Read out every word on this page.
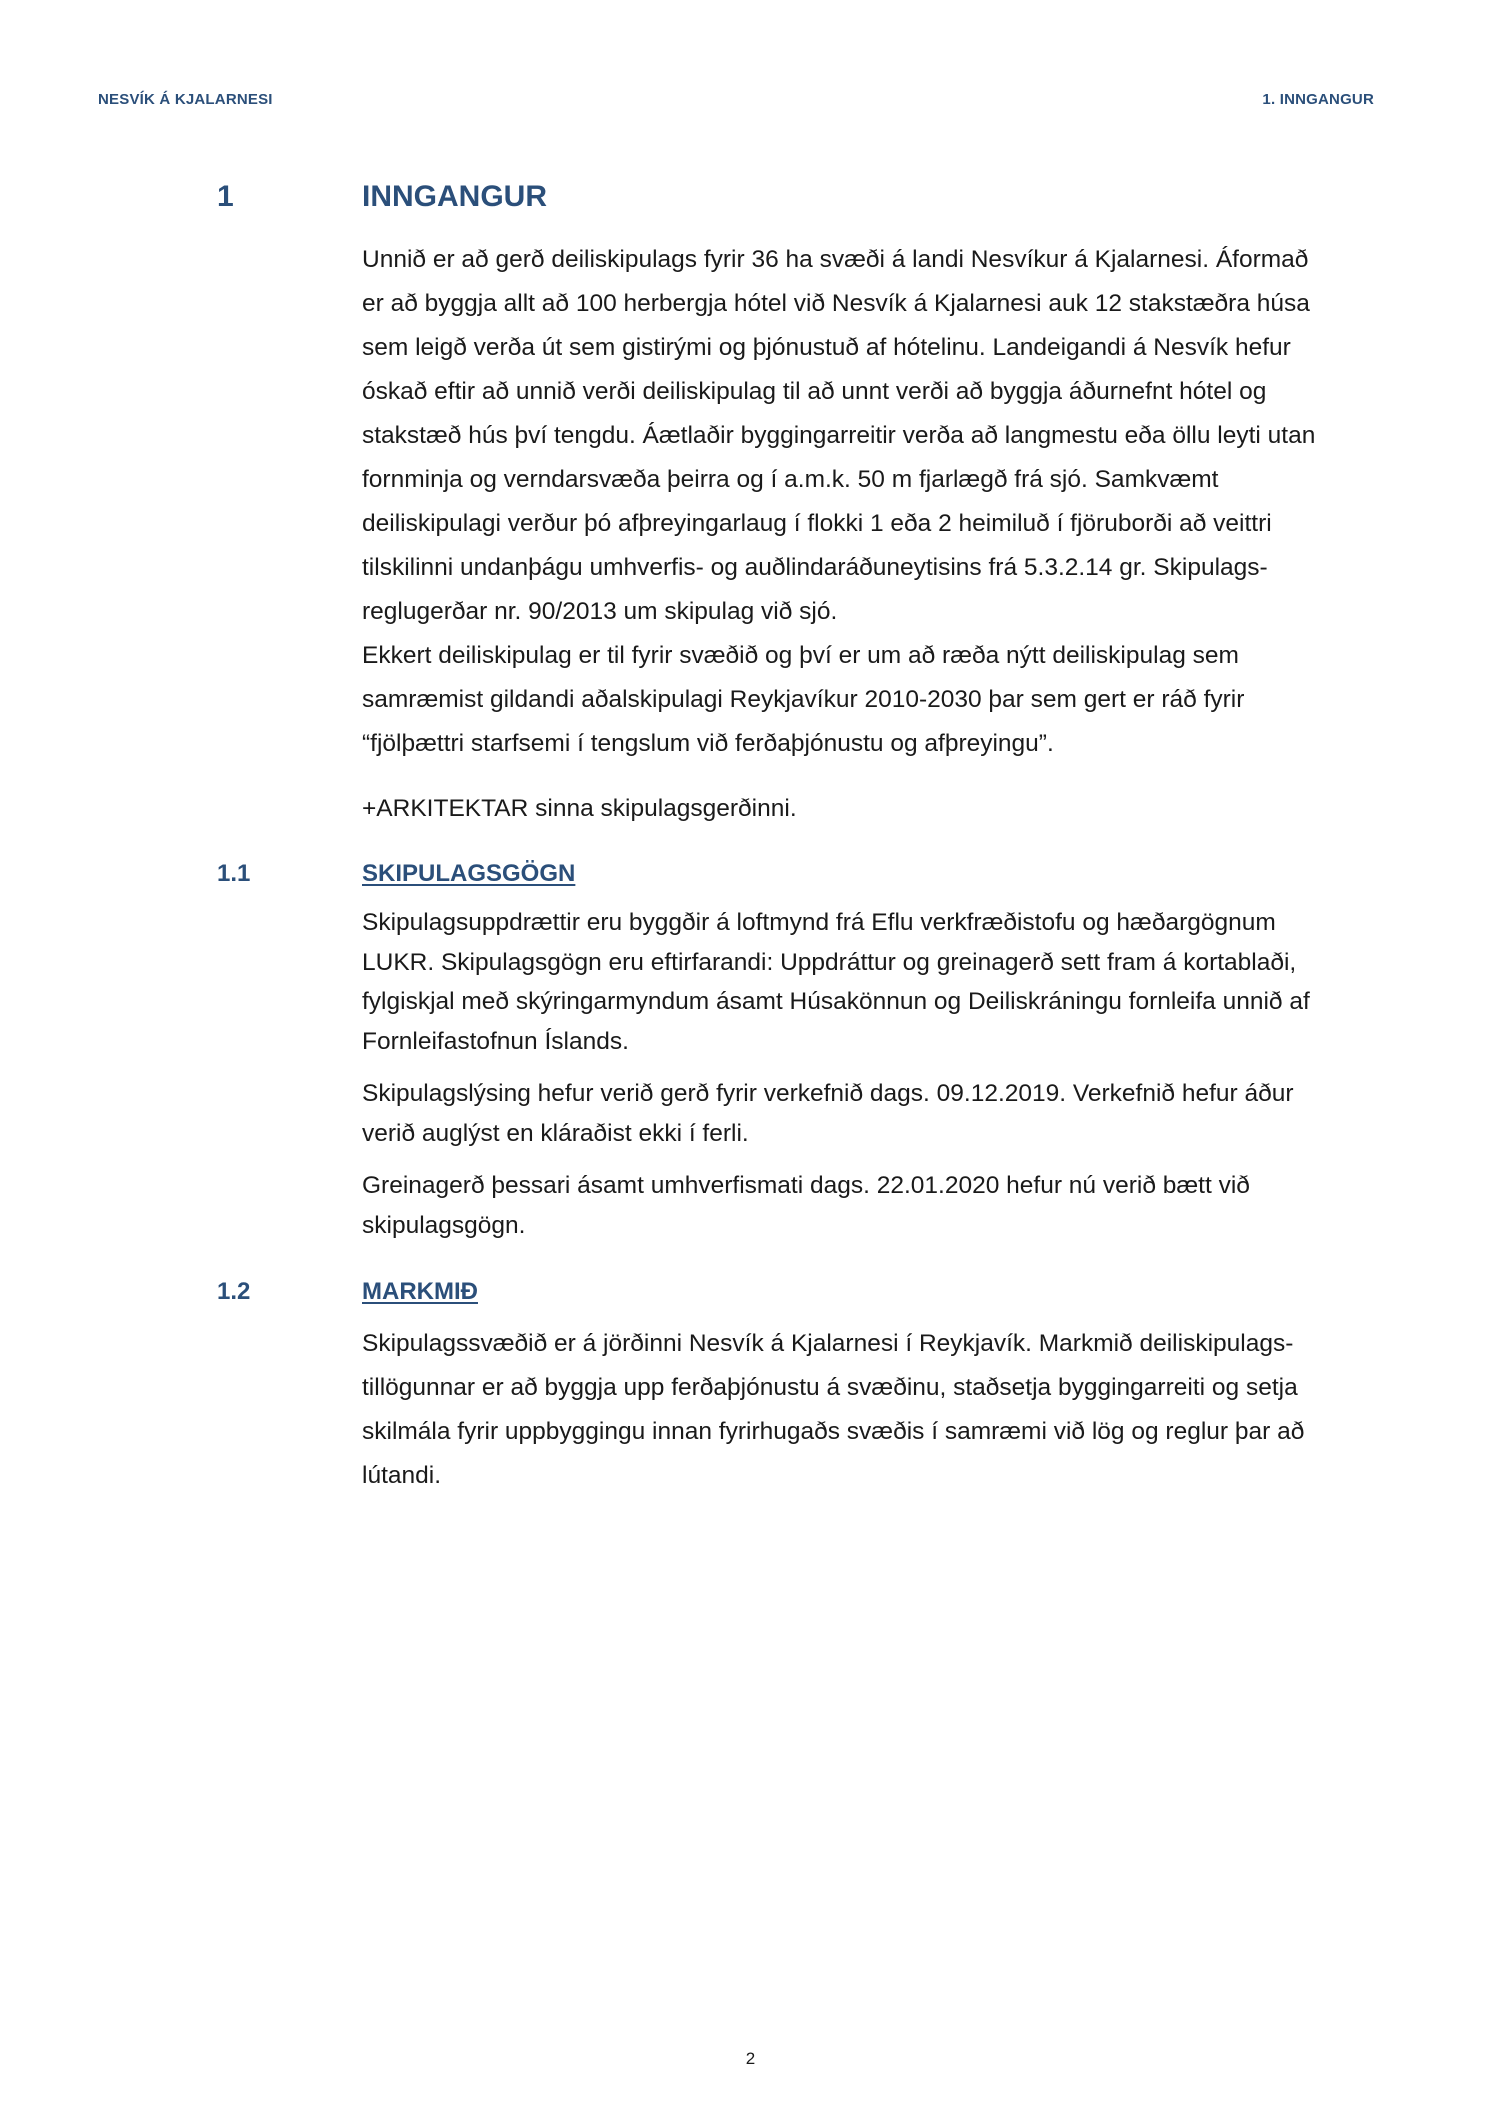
NESVÍK Á KJALARNESI	1. INNGANGUR
1	INNGANGUR

Unnið er að gerð deiliskipulags fyrir 36 ha svæði á landi Nesvíkur á Kjalarnesi. Áformað

er að byggja allt að 100 herbergja hótel við Nesvík á Kjalarnesi auk 12 stakstæðra húsa

sem leigð verða út sem gistirými og þjónustuð af hótelinu. Landeigandi á Nesvík hefur

óskað eftir að unnið verði deiliskipulag til að unnt verði að byggja áðurnefnt hótel og

stakstæð hús því tengdu. Áætlaðir byggingarreitir verða að langmestu eða öllu leyti utan

fornminja og verndarsvæða þeirra og í a.m.k. 50 m fjarlægð frá sjó. Samkvæmt

deiliskipulagi verður þó afþreyingarlaug í flokki 1 eða 2 heimiluð í fjöruborði að veittri

tilskilinni undanþágu umhverfis- og auðlindaráðuneytisins frá 5.3.2.14 gr. Skipulags-

reglugerðar nr. 90/2013 um skipulag við sjó.

Ekkert deiliskipulag er til fyrir svæðið og því er um að ræða nýtt deiliskipulag sem

samræmist gildandi aðalskipulagi Reykjavíkur 2010-2030 þar sem gert er ráð fyrir

“fjölþættri starfsemi í tengslum við ferðaþjónustu og afþreyingu”.

+ARKITEKTAR sinna skipulagsgerðinni.

1.1	SKIPULAGSGÖGN

Skipulagsuppdrættir eru byggðir á loftmynd frá Eflu verkfræðistofu og hæðargögnum

LUKR. Skipulagsgögn eru eftirfarandi: Uppdráttur og greinagerð sett fram á kortablaði,

fylgiskjal með skýringarmyndum ásamt Húsakönnun og Deiliskráningu fornleifa unnið af

Fornleifastofnun Íslands.

Skipulagslýsing hefur verið gerð fyrir verkefnið dags. 09.12.2019. Verkefnið hefur áður

verið auglýst en kláraðist ekki í ferli.

Greinagerð þessari ásamt umhverfismati dags. 22.01.2020 hefur nú verið bætt við

skipulagsgögn.

1.2	MARKMIÐ

Skipulagssvæðið er á jörðinni Nesvík á Kjalarnesi í Reykjavík. Markmið deiliskipulags-

tillögunnar er að byggja upp ferðaþjónustu á svæðinu, staðsetja byggingarreiti og setja

skilmála fyrir uppbyggingu innan fyrirhugaðs svæðis í samræmi við lög og reglur þar að

lútandi.

2
